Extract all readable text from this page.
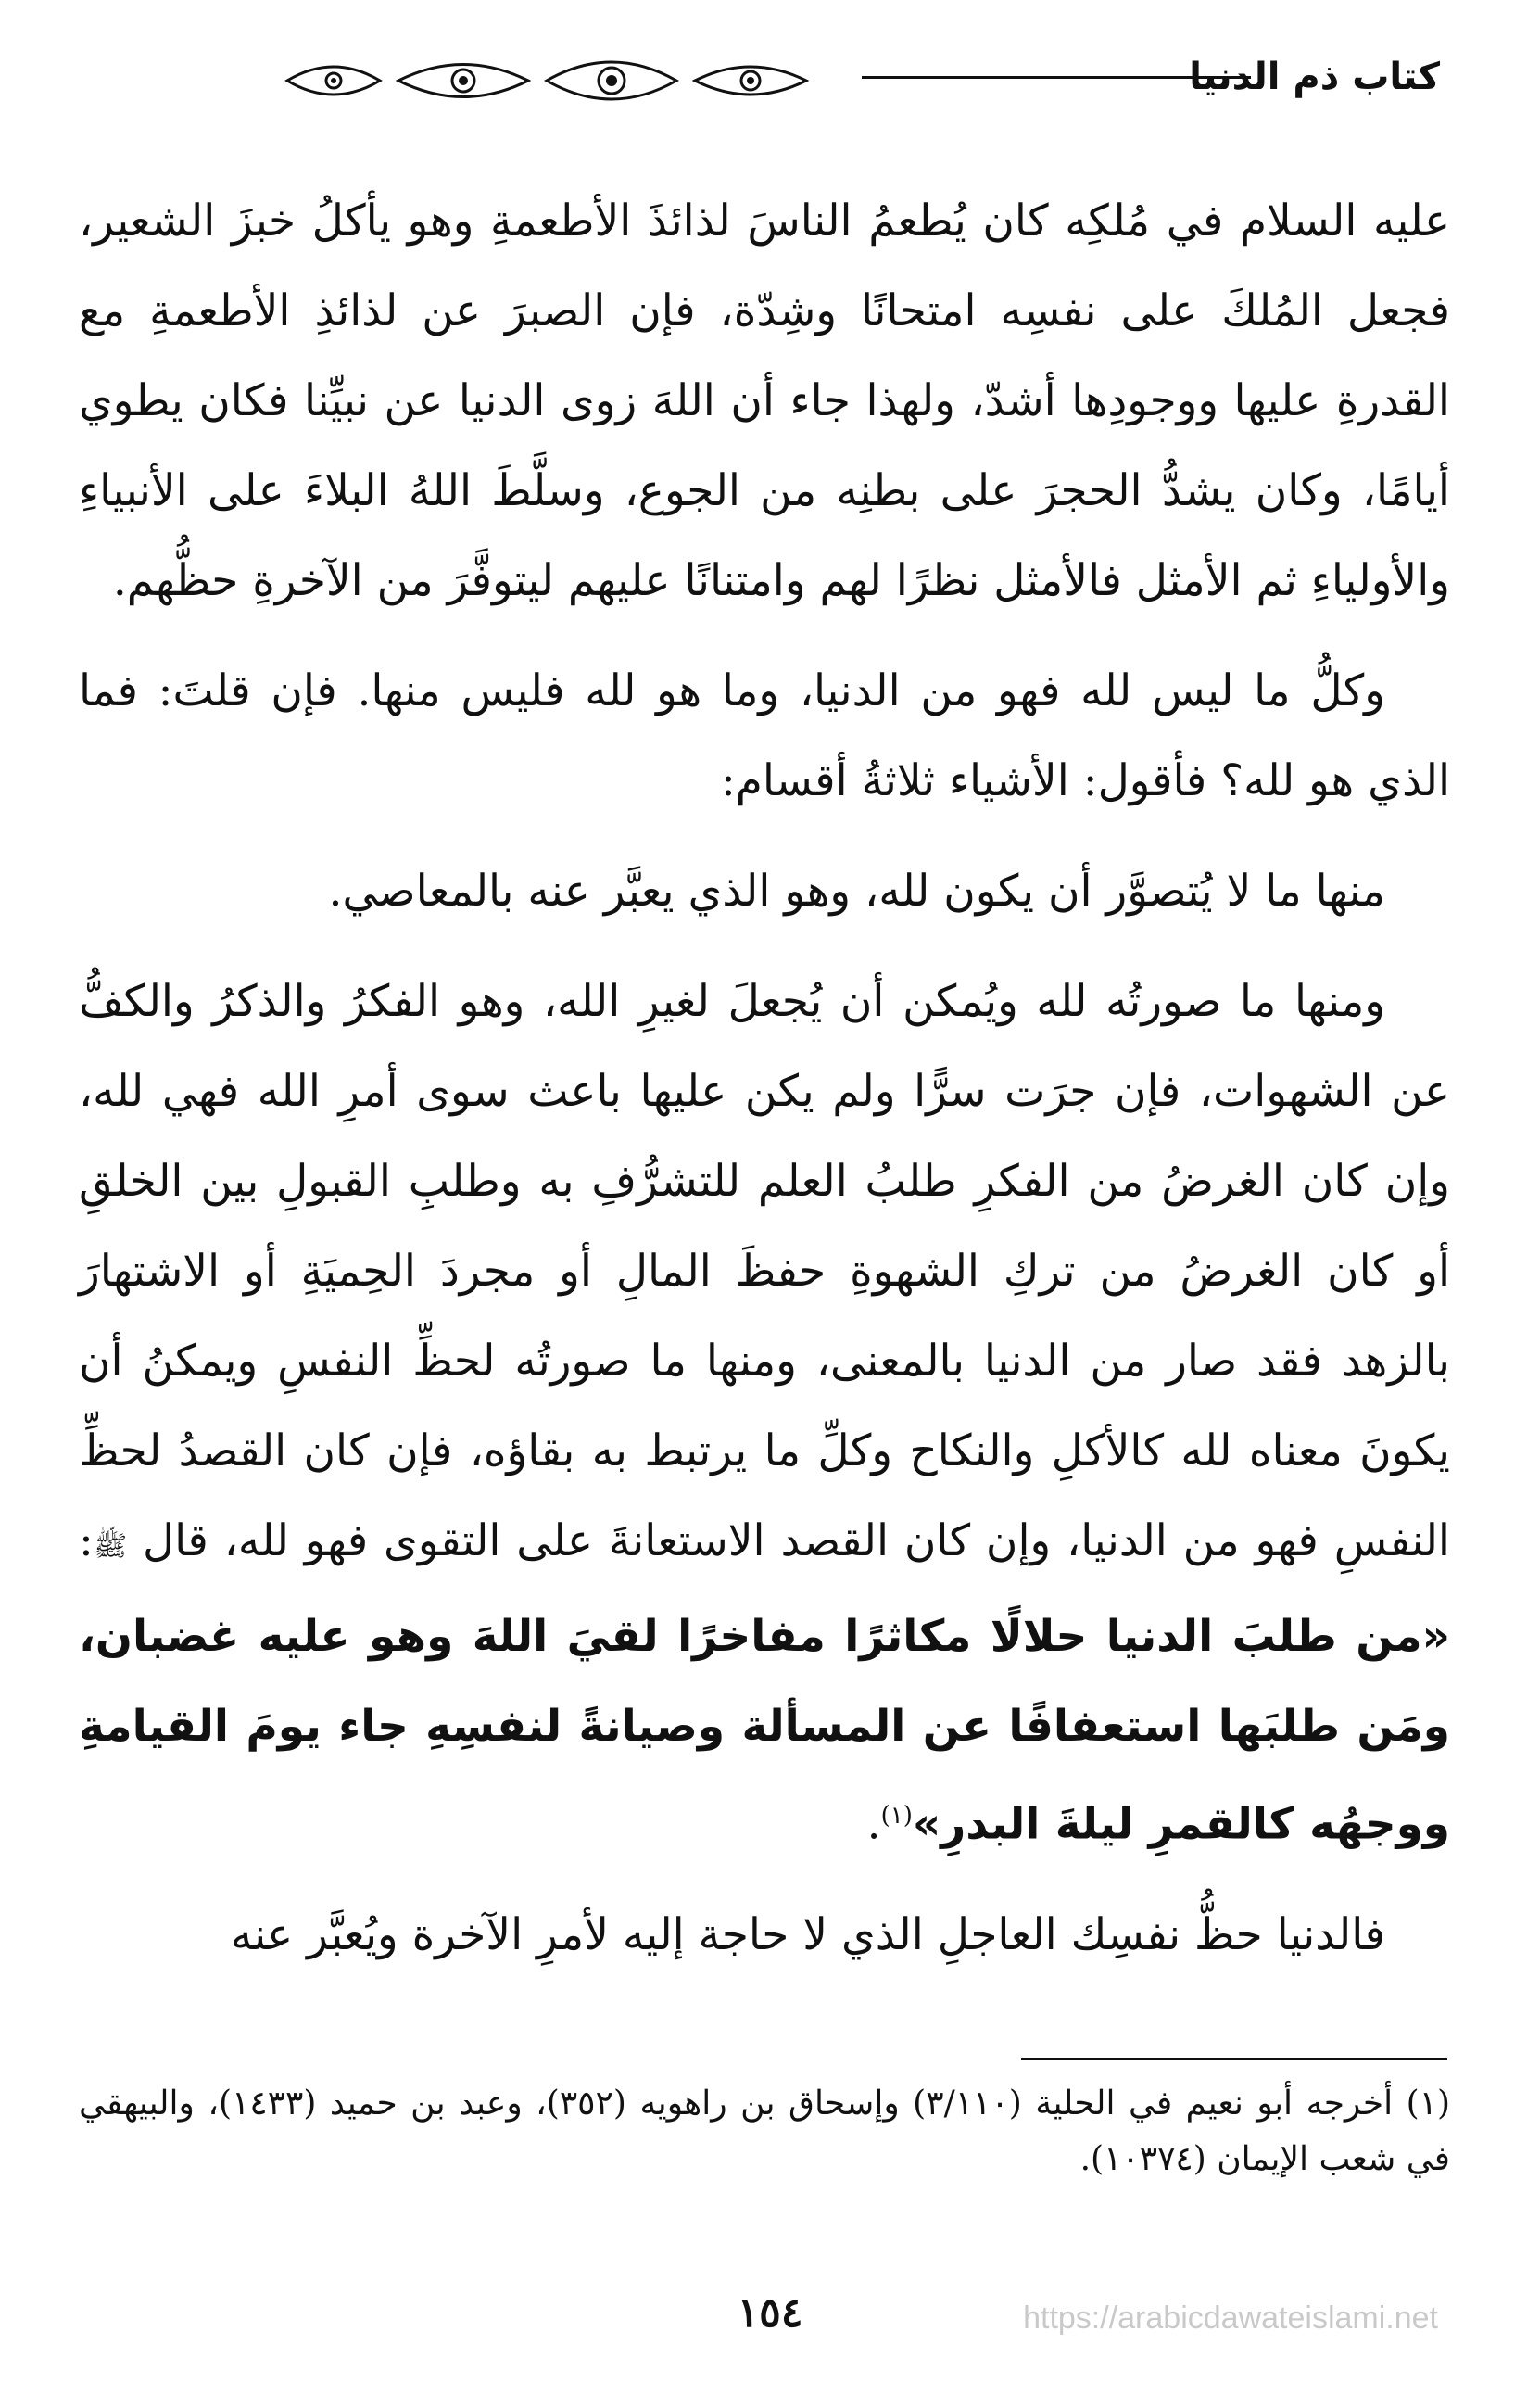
كتاب ذم الدنيا

عليه السلام في مُلكِه كان يُطعمُ الناسَ لذائذَ الأطعمةِ وهو يأكلُ خبزَ الشعير، فجعل المُلكَ على نفسِه امتحانًا وشِدّة، فإن الصبرَ عن لذائذِ الأطعمةِ مع القدرةِ عليها ووجودِها أشدّ، ولهذا جاء أن اللهَ زوى الدنيا عن نبيِّنا فكان يطوي أيامًا، وكان يشدُّ الحجرَ على بطنِه من الجوع، وسلَّطَ اللهُ البلاءَ على الأنبياءِ والأولياءِ ثم الأمثل فالأمثل نظرًا لهم وامتنانًا عليهم ليتوفَّرَ من الآخرةِ حظُّهم.

وكلُّ ما ليس لله فهو من الدنيا، وما هو لله فليس منها. فإن قلتَ: فما الذي هو لله؟ فأقول: الأشياء ثلاثةُ أقسام:

منها ما لا يُتصوَّر أن يكون لله، وهو الذي يعبَّر عنه بالمعاصي.

ومنها ما صورتُه لله ويُمكن أن يُجعلَ لغيرِ الله، وهو الفكرُ والذكرُ والكفُّ عن الشهوات، فإن جرَت سرًّا ولم يكن عليها باعث سوى أمرِ الله فهي لله، وإن كان الغرضُ من الفكرِ طلبُ العلم للتشرُّفِ به وطلبِ القبولِ بين الخلقِ أو كان الغرضُ من تركِ الشهوةِ حفظَ المالِ أو مجردَ الحِميَةِ أو الاشتهارَ بالزهد فقد صار من الدنيا بالمعنى، ومنها ما صورتُه لحظِّ النفسِ ويمكنُ أن يكونَ معناه لله كالأكلِ والنكاح وكلِّ ما يرتبط به بقاؤه، فإن كان القصدُ لحظِّ النفسِ فهو من الدنيا، وإن كان القصد الاستعانةَ على التقوى فهو لله، قال ﷺ: «من طلبَ الدنيا حلالًا مكاثرًا مفاخرًا لقيَ اللهَ وهو عليه غضبان، ومَن طلبَها استعفافًا عن المسألة وصيانةً لنفسِهِ جاء يومَ القيامةِ ووجهُه كالقمرِ ليلةَ البدرِ»$^{(١)}$.

فالدنيا حظُّ نفسِك العاجلِ الذي لا حاجة إليه لأمرِ الآخرة ويُعبَّر عنه

(١) أخرجه أبو نعيم في الحلية (٣/١١٠) وإسحاق بن راهويه (٣٥٢)، وعبد بن حميد (١٤٣٣)، والبيهقي في شعب الإيمان (١٠٣٧٤).
١٥٤	https://arabicdawateislami.net
